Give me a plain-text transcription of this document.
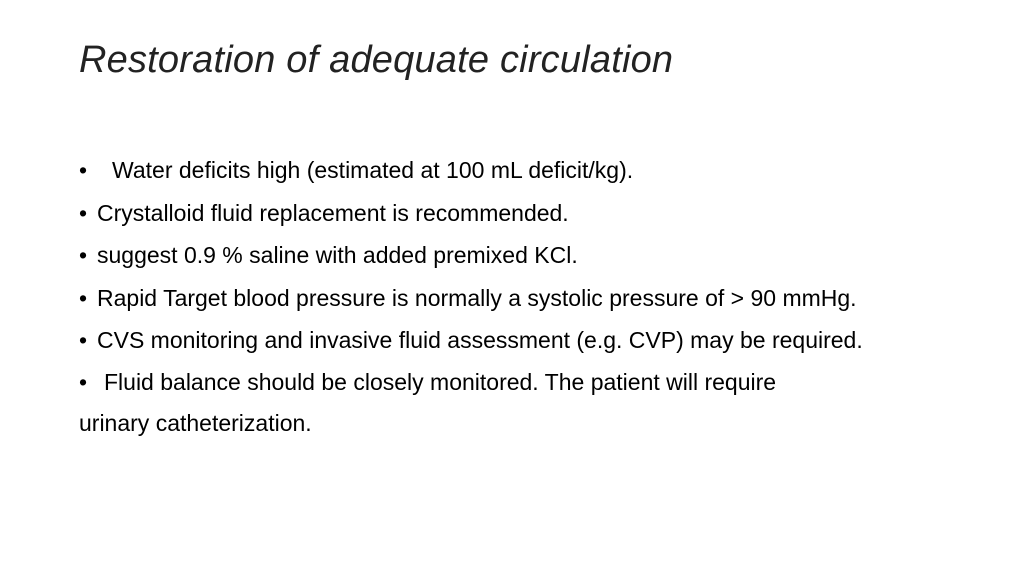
Restoration of adequate circulation
•	Water deficits high (estimated at 100 mL deficit/kg).
• Crystalloid fluid replacement is recommended.
• suggest 0.9 % saline with added premixed KCl.
• Rapid Target blood pressure is normally a systolic pressure of > 90 mmHg.
• CVS monitoring and invasive fluid assessment (e.g. CVP) may be required.
• Fluid balance should be closely monitored. The patient will require
urinary catheterization.
